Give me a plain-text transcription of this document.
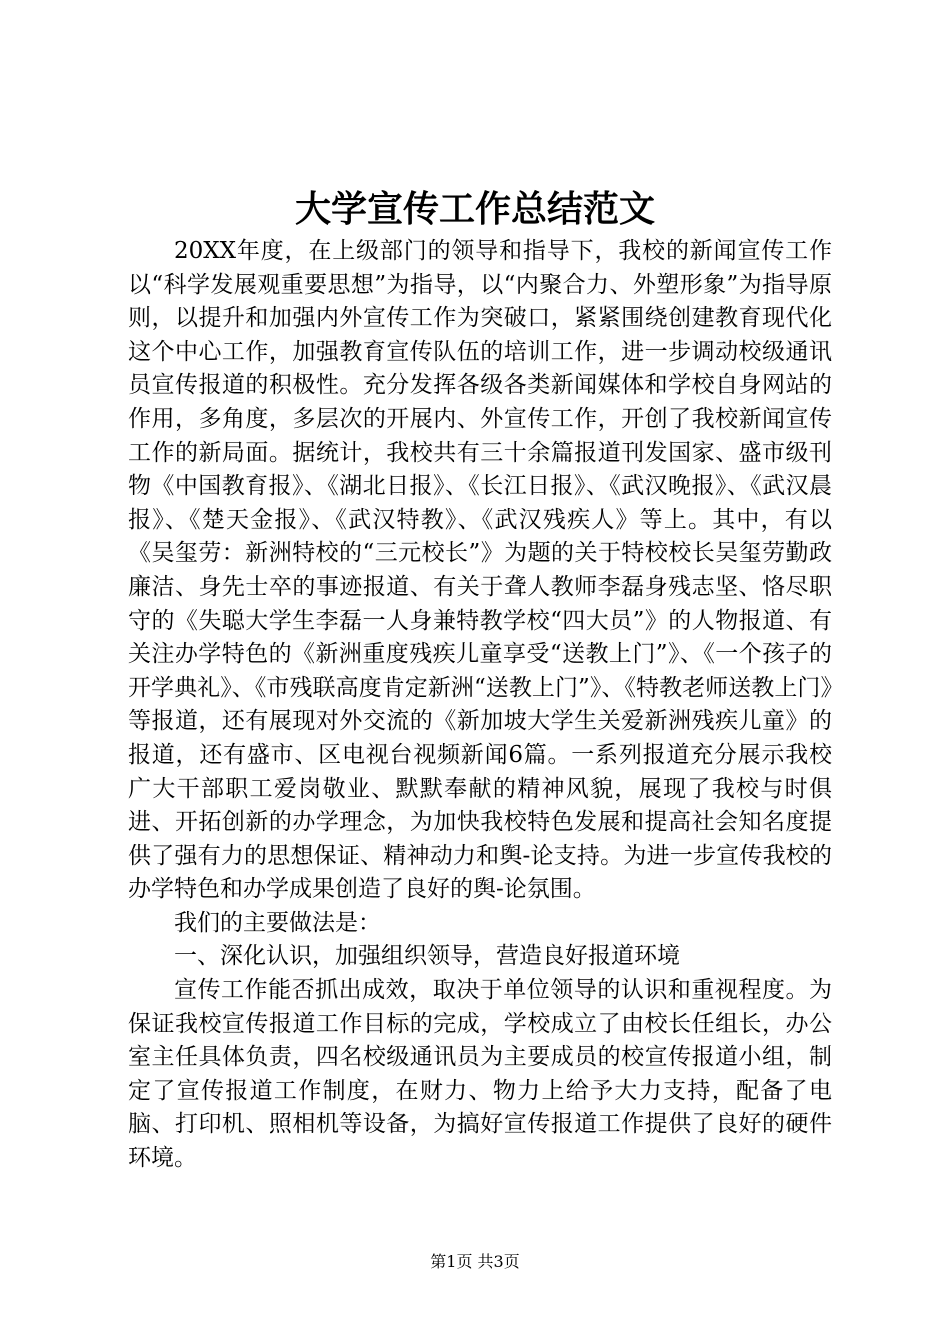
大学宣传工作总结范文

20XX年度，在上级部门的领导和指导下，我校的新闻宣传工作以“科学发展观重要思想”为指导，以“内聚合力、外塑形象”为指导原则，以提升和加强内外宣传工作为突破口，紧紧围绕创建教育现代化这个中心工作，加强教育宣传队伍的培训工作，进一步调动校级通讯员宣传报道的积极性。充分发挥各级各类新闻媒体和学校自身网站的作用，多角度，多层次的开展内、外宣传工作，开创了我校新闻宣传工作的新局面。据统计，我校共有三十余篇报道刊发国家、盛市级刊物《中国教育报》、《湖北日报》、《长江日报》、《武汉晚报》、《武汉晨报》、《楚天金报》、《武汉特教》、《武汉残疾人》等上。其中，有以《吴玺劳：新洲特校的“三元校长”》为题的关于特校校长吴玺劳勤政廉洁、身先士卒的事迹报道、有关于聋人教师李磊身残志坚、恪尽职守的《失聪大学生李磊一人身兼特教学校“四大员”》的人物报道、有关注办学特色的《新洲重度残疾儿童享受“送教上门”》、《一个孩子的开学典礼》、《市残联高度肯定新洲“送教上门”》、《特教老师送教上门》等报道，还有展现对外交流的《新加坡大学生关爱新洲残疾儿童》的报道，还有盛市、区电视台视频新闻6篇。一系列报道充分展示我校广大干部职工爱岗敬业、默默奉献的精神风貌，展现了我校与时俱进、开拓创新的办学理念，为加快我校特色发展和提高社会知名度提供了强有力的思想保证、精神动力和舆-论支持。为进一步宣传我校的办学特色和办学成果创造了良好的舆-论氛围。

我们的主要做法是：

一、深化认识，加强组织领导，营造良好报道环境

宣传工作能否抓出成效，取决于单位领导的认识和重视程度。为保证我校宣传报道工作目标的完成，学校成立了由校长任组长，办公室主任具体负责，四名校级通讯员为主要成员的校宣传报道小组，制定了宣传报道工作制度，在财力、物力上给予大力支持，配备了电脑、打印机、照相机等设备，为搞好宣传报道工作提供了良好的硬件环境。

第1页 共3页
